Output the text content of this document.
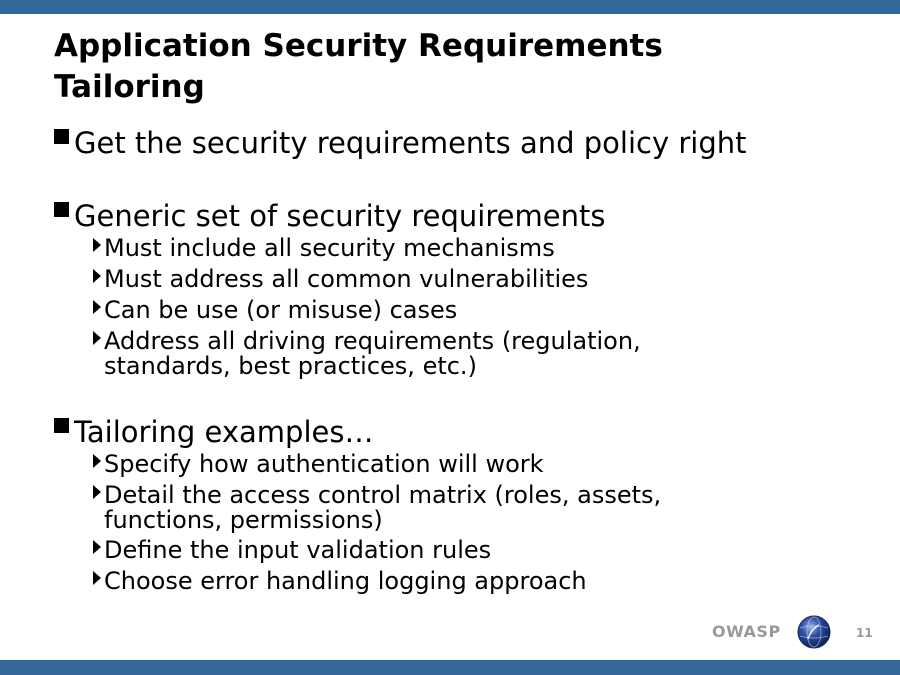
Application Security Requirements
Tailoring
Get the security requirements and policy right
Generic set of security requirements
Must include all security mechanisms
Must address all common vulnerabilities
Can be use (or misuse) cases
Address all driving requirements (regulation, standards, best practices, etc.)
Tailoring examples…
Specify how authentication will work
Detail the access control matrix (roles, assets, functions, permissions)
Define the input validation rules
Choose error handling logging approach
OWASP	11
